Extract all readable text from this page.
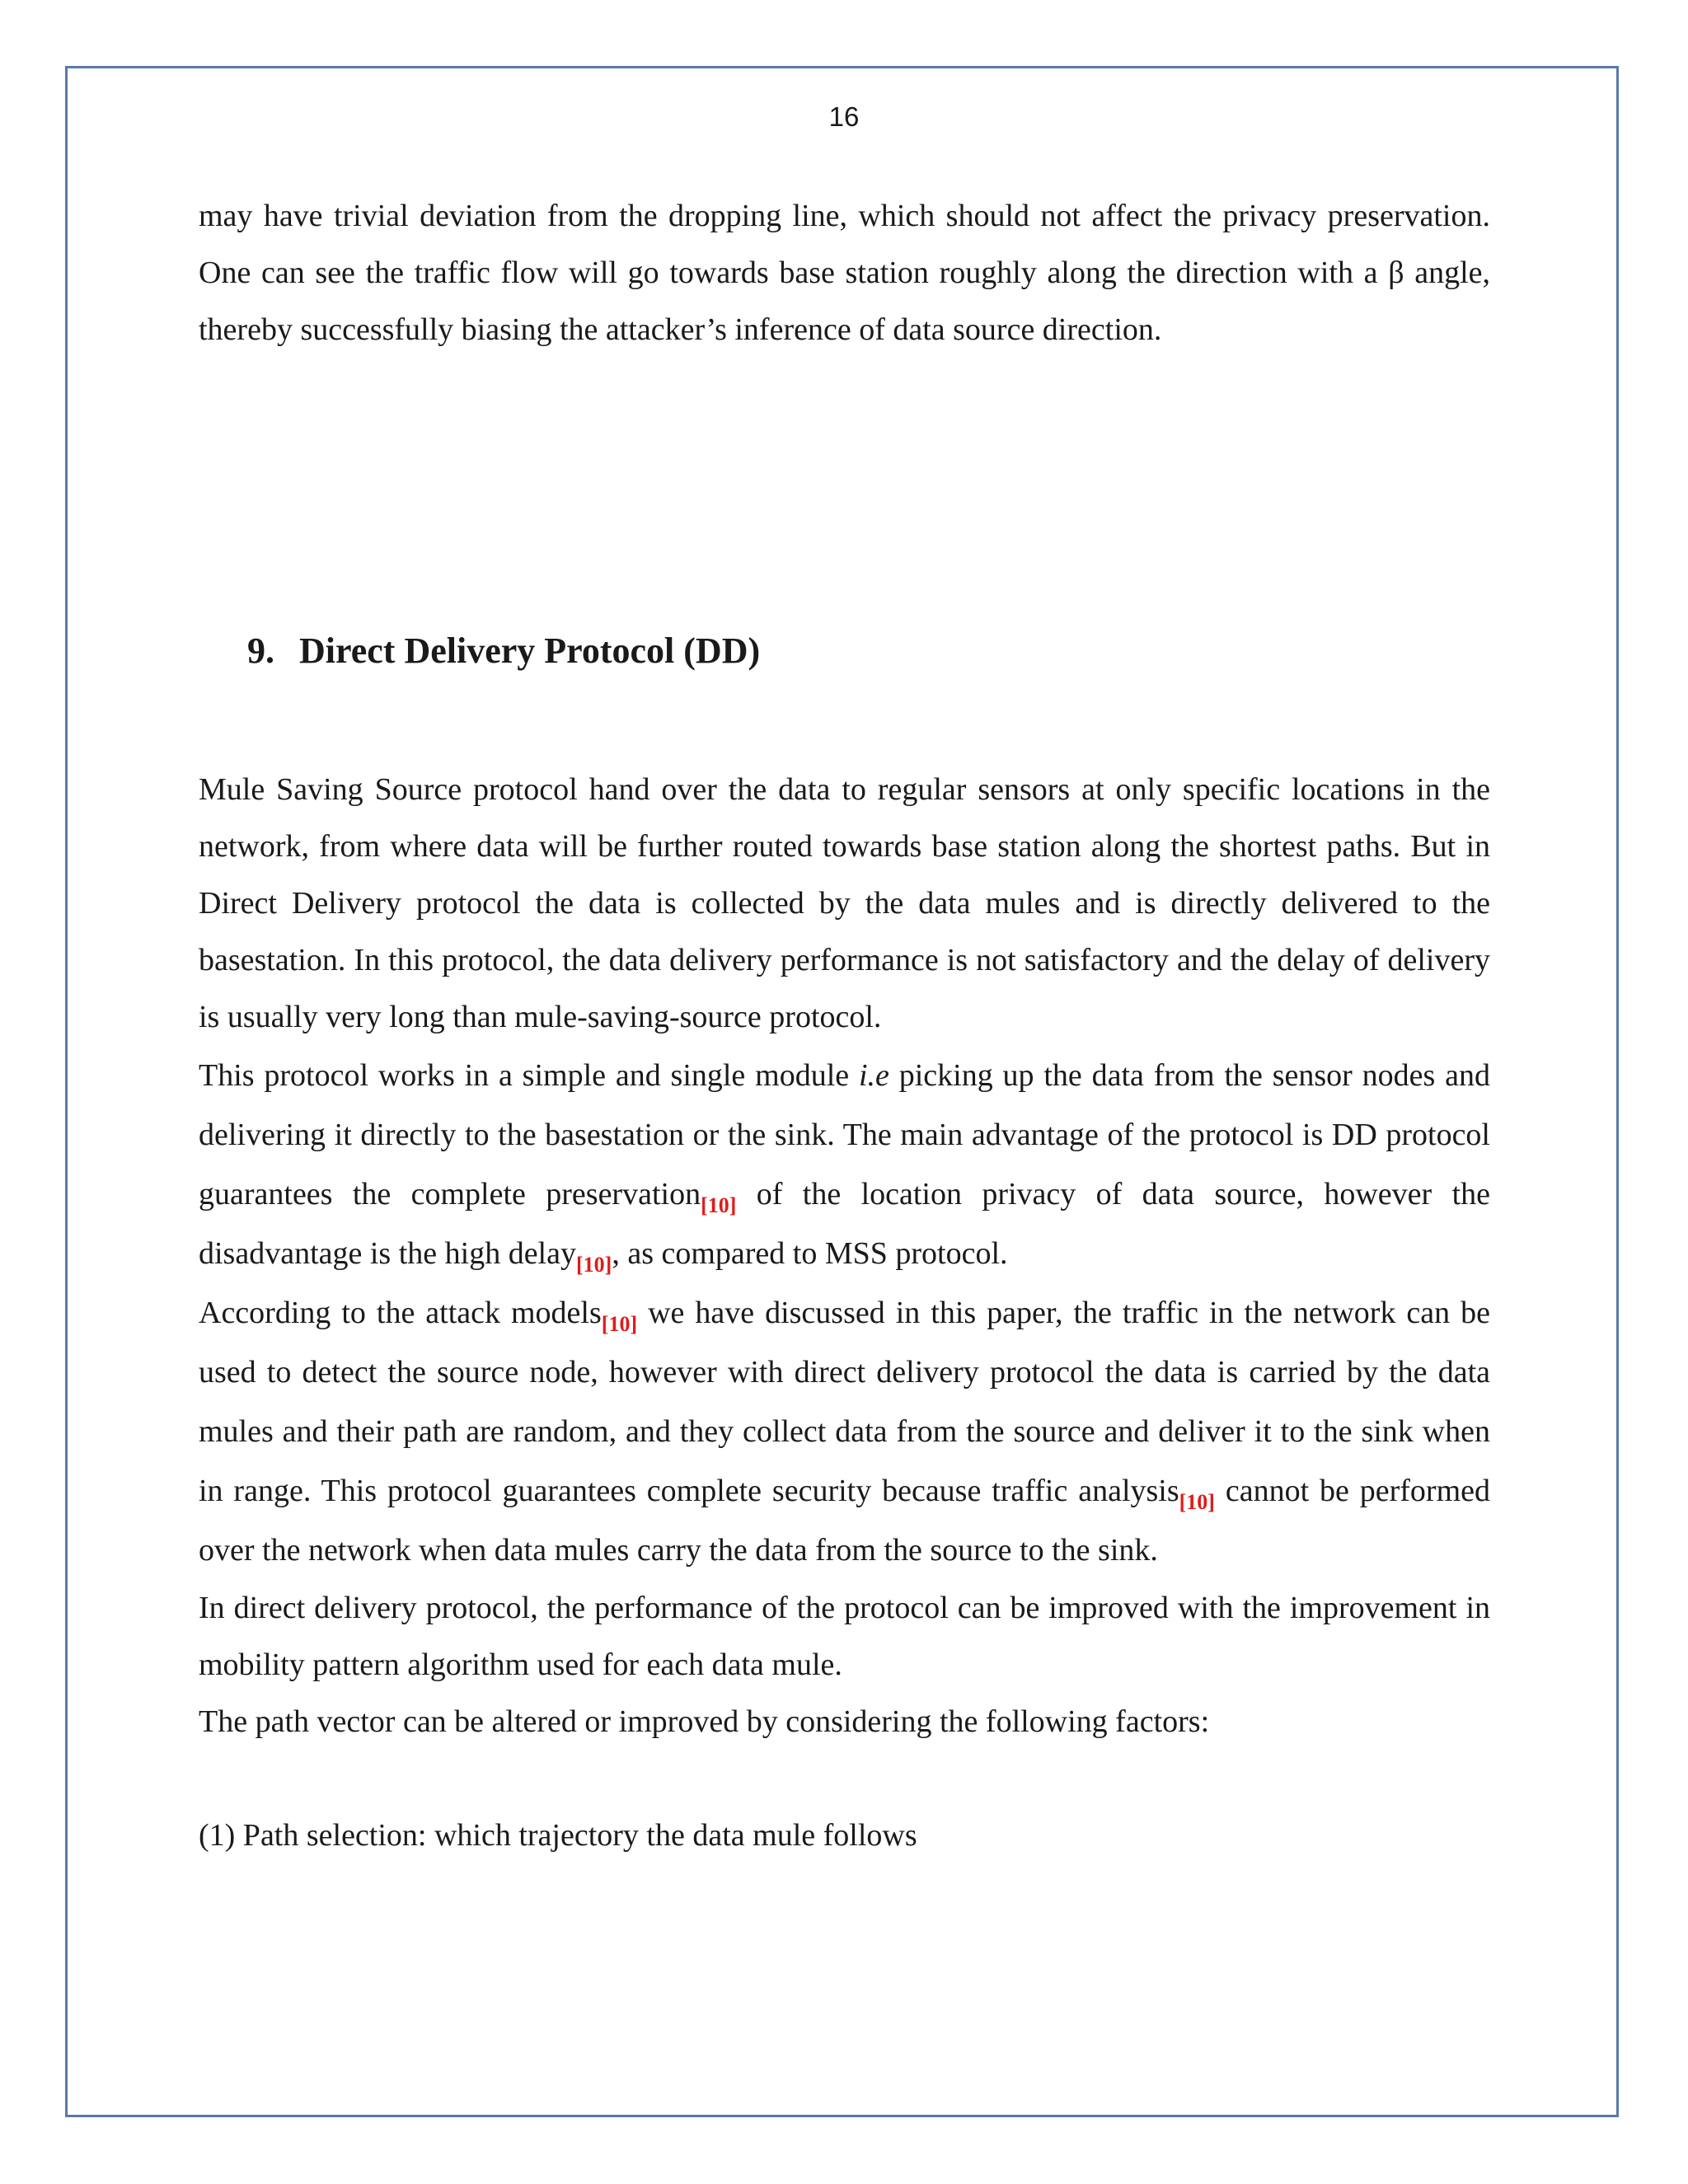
16

may have trivial deviation from the dropping line, which should not affect the privacy preservation. One can see the traffic flow will go towards base station roughly along the direction with a β angle, thereby successfully biasing the attacker’s inference of data source direction.

9. Direct Delivery Protocol (DD)

Mule Saving Source protocol hand over the data to regular sensors at only specific locations in the network, from where data will be further routed towards base station along the shortest paths. But in Direct Delivery protocol the data is collected by the data mules and is directly delivered to the basestation. In this protocol, the data delivery performance is not satisfactory and the delay of delivery is usually very long than mule-saving-source protocol.

This protocol works in a simple and single module i.e picking up the data from the sensor nodes and delivering it directly to the basestation or the sink. The main advantage of the protocol is DD protocol guarantees the complete preservation$_{[10]}$ of the location privacy of data source, however the disadvantage is the high delay$_{[10]}$, as compared to MSS protocol.

According to the attack models$_{[10]}$ we have discussed in this paper, the traffic in the network can be used to detect the source node, however with direct delivery protocol the data is carried by the data mules and their path are random, and they collect data from the source and deliver it to the sink when in range. This protocol guarantees complete security because traffic analysis$_{[10]}$ cannot be performed over the network when data mules carry the data from the source to the sink.

In direct delivery protocol, the performance of the protocol can be improved with the improvement in mobility pattern algorithm used for each data mule.

The path vector can be altered or improved by considering the following factors:

(1) Path selection: which trajectory the data mule follows
